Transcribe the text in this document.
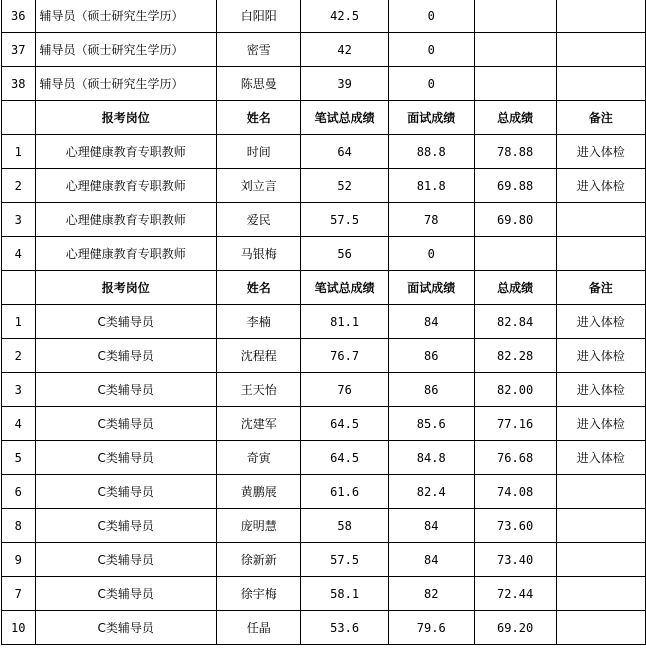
36	辅导员（硕士研究生学历）	白阳阳	42.5	0		
37	辅导员（硕士研究生学历）	密雪	42	0		
38	辅导员（硕士研究生学历）	陈思曼	39	0		
	报考岗位	姓名	笔试总成绩	面试成绩	总成绩	备注
1	心理健康教育专职教师	时间	64	88.8	78.88	进入体检
2	心理健康教育专职教师	刘立言	52	81.8	69.88	进入体检
3	心理健康教育专职教师	爱民	57.5	78	69.80	
4	心理健康教育专职教师	马银梅	56	0		
	报考岗位	姓名	笔试总成绩	面试成绩	总成绩	备注
1	C类辅导员	李楠	81.1	84	82.84	进入体检
2	C类辅导员	沈程程	76.7	86	82.28	进入体检
3	C类辅导员	王天怡	76	86	82.00	进入体检
4	C类辅导员	沈建军	64.5	85.6	77.16	进入体检
5	C类辅导员	奇寅	64.5	84.8	76.68	进入体检
6	C类辅导员	黄鹏展	61.6	82.4	74.08	
8	C类辅导员	庞明慧	58	84	73.60	
9	C类辅导员	徐新新	57.5	84	73.40	
7	C类辅导员	徐宇梅	58.1	82	72.44	
10	C类辅导员	任晶	53.6	79.6	69.20	
